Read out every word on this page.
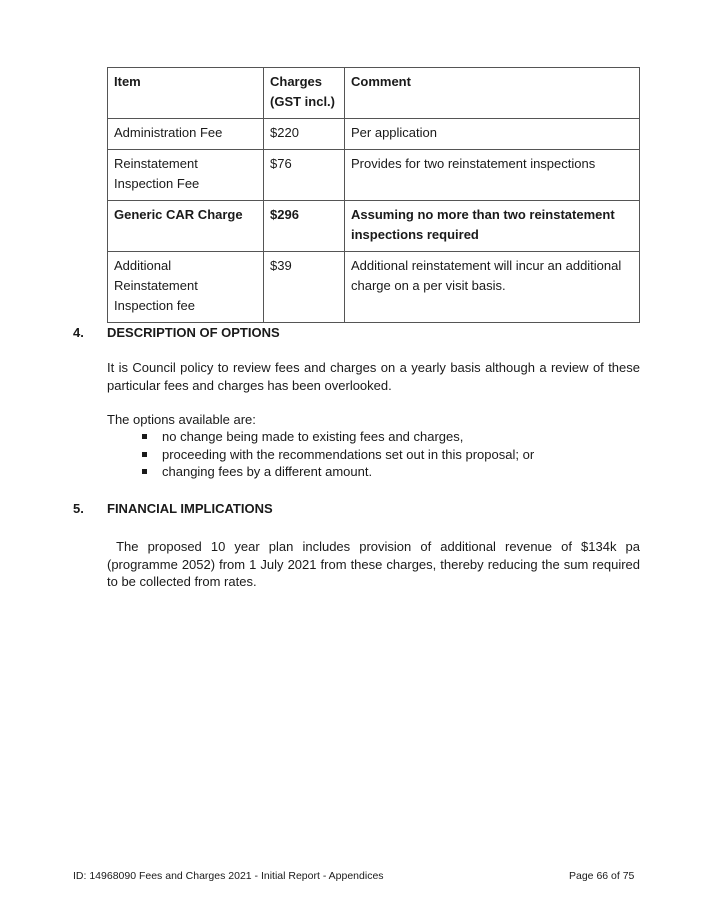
Item	Charges (GST incl.)	Comment
Administration Fee	$220	Per application
Reinstatement Inspection Fee	$76	Provides for two reinstatement inspections
Generic CAR Charge	$296	Assuming no more than two reinstatement inspections required
Additional Reinstatement Inspection fee	$39	Additional reinstatement will incur an additional charge on a per visit basis.
4. DESCRIPTION OF OPTIONS
It is Council policy to review fees and charges on a yearly basis although a review of these particular fees and charges has been overlooked.
The options available are:
no change being made to existing fees and charges,
proceeding with the recommendations set out in this proposal; or
changing fees by a different amount.
5. FINANCIAL IMPLICATIONS
The proposed 10 year plan includes provision of additional revenue of $134k pa (programme 2052) from 1 July 2021 from these charges, thereby reducing the sum required to be collected from rates.
ID: 14968090 Fees and Charges 2021 - Initial Report - Appendices	Page 66 of 75
